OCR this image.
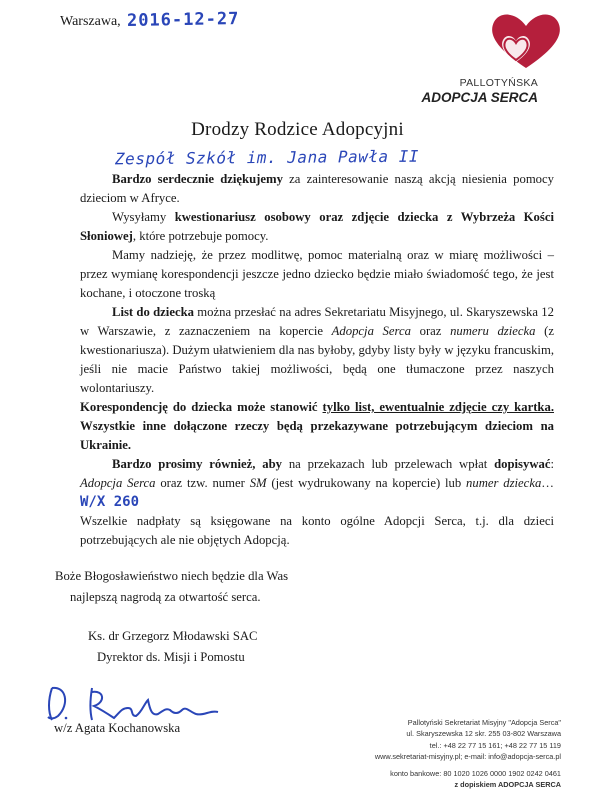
Warszawa, 2016-12-27
PALLOTYŃSKA
ADOPCJA SERCA
Drodzy Rodzice Adopcyjni
Zespół Szkół im. Jana Pawła II

Bardzo serdecznie dziękujemy za zainteresowanie naszą akcją niesienia pomocy dzieciom w Afryce.

Wysyłamy kwestionariusz osobowy oraz zdjęcie dziecka z Wybrzeża Kości Słoniowej, które potrzebuje pomocy.

Mamy nadzieję, że przez modlitwę, pomoc materialną oraz w miarę możliwości – przez wymianę korespondencji jeszcze jedno dziecko będzie miało świadomość tego, że jest kochane, i otoczone troską

List do dziecka można przesłać na adres Sekretariatu Misyjnego, ul. Skaryszewska 12 w Warszawie, z zaznaczeniem na kopercie Adopcja Serca oraz numeru dziecka (z kwestionariusza). Dużym ułatwieniem dla nas byłoby, gdyby listy były w języku francuskim, jeśli nie macie Państwo takiej możliwości, będą one tłumaczone przez naszych wolontariuszy.

Korespondencję do dziecka może stanowić tylko list, ewentualnie zdjęcie czy kartka. Wszystkie inne dołączone rzeczy będą przekazywane potrzebującym dzieciom na Ukrainie.

Bardzo prosimy również, aby na przekazach lub przelewach wpłat dopisywać: Adopcja Serca oraz tzw. numer SM (jest wydrukowany na kopercie) lub numer dziecka…W/X 260

Wszelkie nadpłaty są księgowane na konto ogólne Adopcji Serca, t.j. dla dzieci potrzebujących ale nie objętych Adopcją.

Boże Błogosławieństwo niech będzie dla Was
najlepszą nagrodą za otwartość serca.
Ks. dr Grzegorz Młodawski SAC
Dyrektor ds. Misji i Pomostu
w/z Agata Kochanowska	Pallotyński Sekretariat Misyjny "Adopcja Serca"
ul. Skaryszewska 12 skr. 255 03-802 Warszawa
tel.: +48 22 77 15 161; +48 22 77 15 119
www.sekretariat-misyjny.pl; e-mail: info@adopcja-serca.pl
konto bankowe: 80 1020 1026 0000 1902 0242 0461
z dopiskiem ADOPCJA SERCA
